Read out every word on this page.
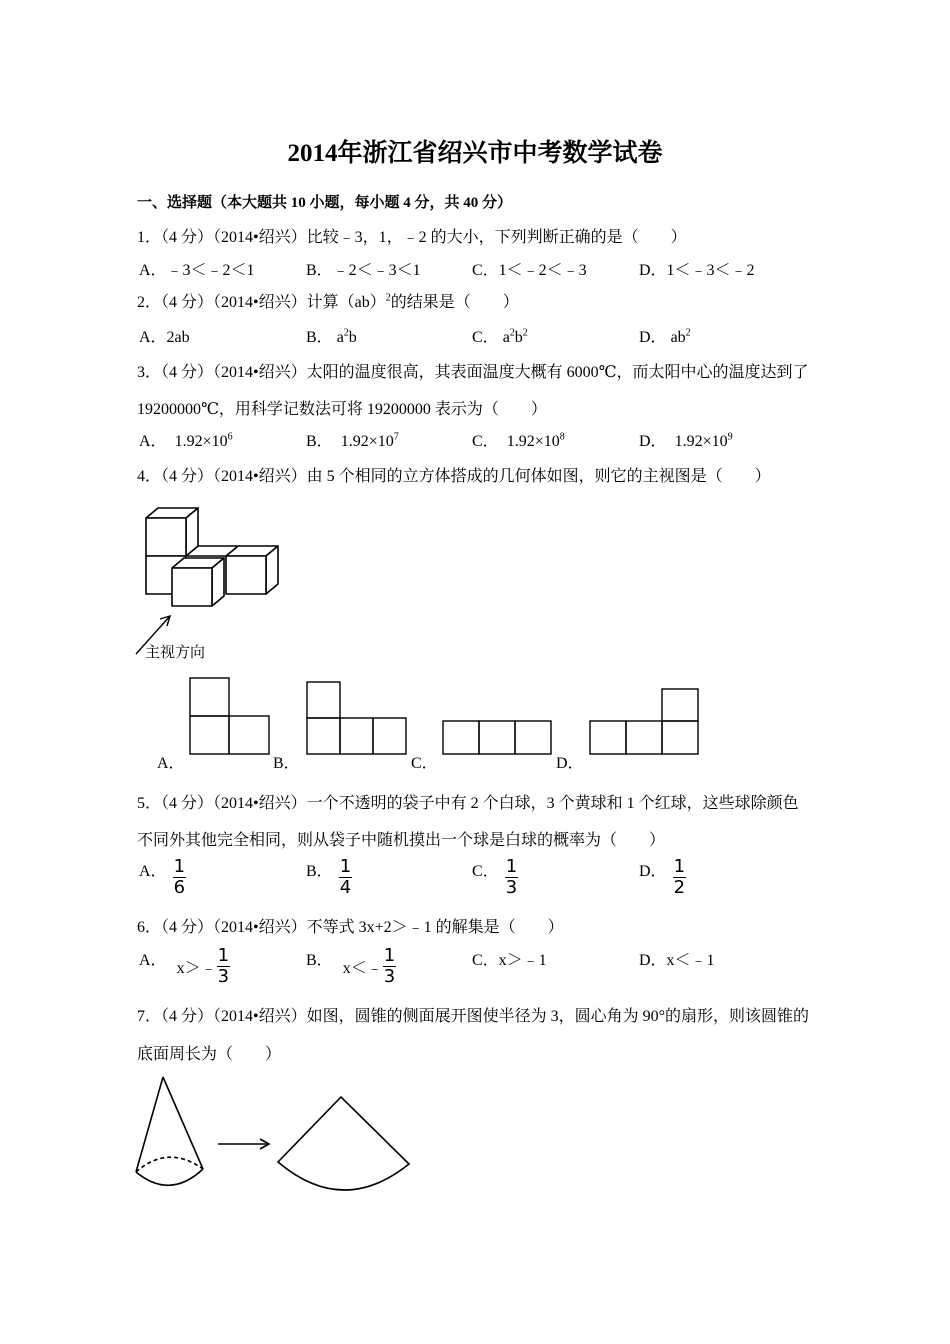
2014年浙江省绍兴市中考数学试卷
一、选择题（本大题共 10 小题，每小题 4 分，共 40 分）
1．（4 分）（2014•绍兴）比较﹣3，1，﹣2 的大小，下列判断正确的是（　　）
A．﹣3＜﹣2＜1	B．﹣2＜﹣3＜1	C．1＜﹣2＜﹣3	D．1＜﹣3＜﹣2
2．（4 分）（2014•绍兴）计算（ab）$^2$的结果是（　　）
A．2ab	B． $a^2b$	C． $a^2b^2$	D． $ab^2$
3．（4 分）（2014•绍兴）太阳的温度很高，其表面温度大概有 6000℃，而太阳中心的温度达到了
19200000℃，用科学记数法可将 19200000 表示为（　　）
A． $1.92\times 10^6$	B． $1.92\times 10^7$	C． $1.92\times 10^8$	D． $1.92\times 10^9$
4．（4 分）（2014•绍兴）由 5 个相同的立方体搭成的几何体如图，则它的主视图是（　　）
主视方向
A．	B．	C．	D．
5．（4 分）（2014•绍兴）一个不透明的袋子中有 2 个白球，3 个黄球和 1 个红球，这些球除颜色
不同外其他完全相同，则从袋子中随机摸出一个球是白球的概率为（　　）
A． $\frac{1}{6}$	B． $\frac{1}{4}$	C． $\frac{1}{3}$	D． $\frac{1}{2}$
6．（4 分）（2014•绍兴）不等式 3x+2＞﹣1 的解集是（　　）
A． x＞﹣ $\frac{1}{3}$	B． x＜﹣ $\frac{1}{3}$	C．x＞﹣1	D．x＜﹣1
7．（4 分）（2014•绍兴）如图，圆锥的侧面展开图使半径为 3，圆心角为 90°的扇形，则该圆锥的
底面周长为（　　）
